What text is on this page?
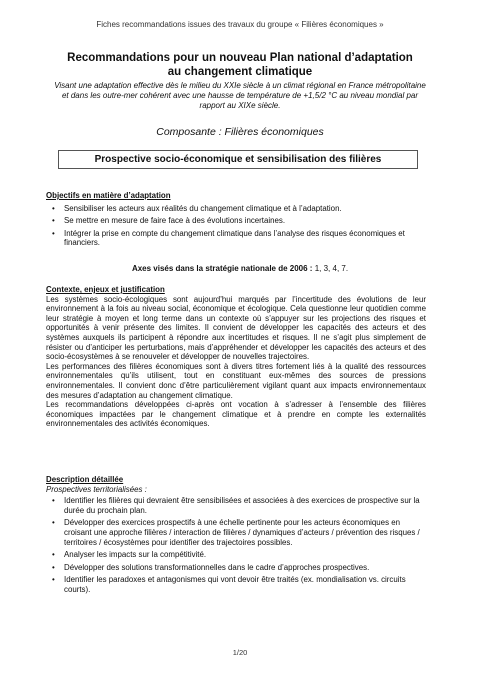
Fiches recommandations issues des travaux du groupe « Filières économiques »
Recommandations pour un nouveau Plan national d’adaptation au changement climatique
Visant une adaptation effective dès le milieu du XXIe siècle à un climat régional en France métropolitaine et dans les outre-mer cohérent avec une hausse de température de +1,5/2 °C au niveau mondial par rapport au XIXe siècle.
Composante : Filières économiques
Prospective socio-économique et sensibilisation des filières
Objectifs en matière d’adaptation
• Sensibiliser les acteurs aux réalités du changement climatique et à l’adaptation.
• Se mettre en mesure de faire face à des évolutions incertaines.
• Intégrer la prise en compte du changement climatique dans l’analyse des risques économiques et financiers.
Axes visés dans la stratégie nationale de 2006 : 1, 3, 4, 7.
Contexte, enjeux et justification

Les systèmes socio-écologiques sont aujourd’hui marqués par l’incertitude des évolutions de leur environnement à la fois au niveau social, économique et écologique. Cela questionne leur quotidien comme leur stratégie à moyen et long terme dans un contexte où s’appuyer sur les projections des risques et opportunités à venir présente des limites. Il convient de développer les capacités des acteurs et des systèmes auxquels ils participent à répondre aux incertitudes et risques. Il ne s’agit plus simplement de résister ou d’anticiper les perturbations, mais d’appréhender et développer les capacités des acteurs et des socio-écosystèmes à se renouveler et développer de nouvelles trajectoires.

Les performances des filières économiques sont à divers titres fortement liés à la qualité des ressources environnementales qu’ils utilisent, tout en constituant eux-mêmes des sources de pressions environnementales. Il convient donc d’être particulièrement vigilant quant aux impacts environnementaux des mesures d’adaptation au changement climatique.

Les recommandations développées ci-après ont vocation à s’adresser à l’ensemble des filières économiques impactées par le changement climatique et à prendre en compte les externalités environnementales des activités économiques.

Description détaillée
Prospectives territorialisées :
• Identifier les filières qui devraient être sensibilisées et associées à des exercices de prospective sur la durée du prochain plan.
• Développer des exercices prospectifs à une échelle pertinente pour les acteurs économiques en croisant une approche filières / interaction de filières / dynamiques d’acteurs / prévention des risques / territoires / écosystèmes pour identifier des trajectoires possibles.
• Analyser les impacts sur la compétitivité.
• Développer des solutions transformationnelles dans le cadre d’approches prospectives.
• Identifier les paradoxes et antagonismes qui vont devoir être traités (ex. mondialisation vs. circuits courts).
1/20
